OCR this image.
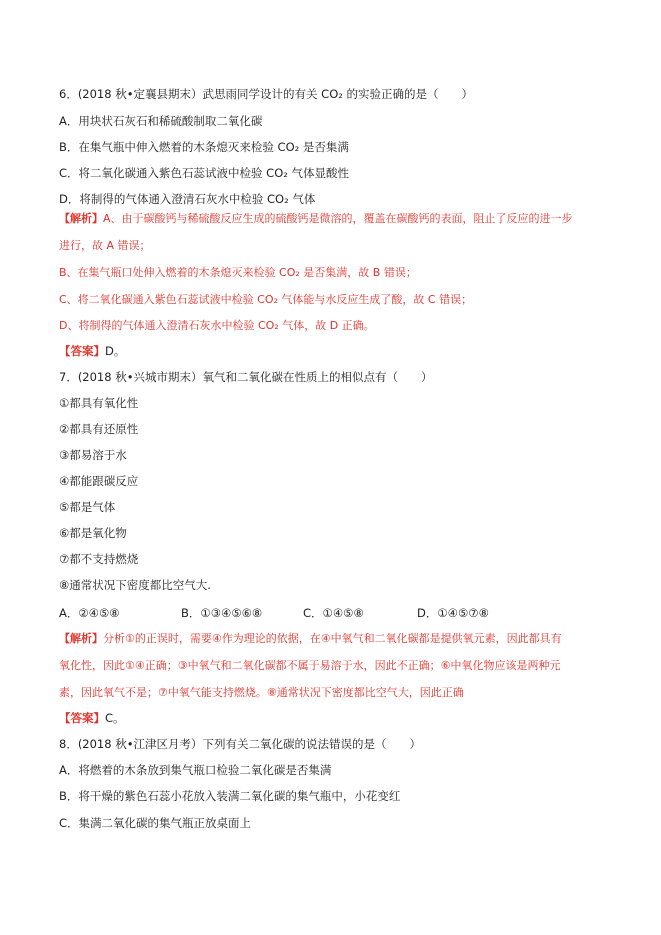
6．(2018 秋•定襄县期末）武思雨同学设计的有关 CO₂ 的实验正确的是（　　）
A．用块状石灰石和稀硫酸制取二氧化碳
B．在集气瓶中伸入燃着的木条熄灭来检验 CO₂ 是否集满
C．将二氧化碳通入紫色石蕊试液中检验 CO₂ 气体显酸性
D．将制得的气体通入澄清石灰水中检验 CO₂ 气体
【解析】A、由于碳酸钙与稀硫酸反应生成的硫酸钙是微溶的，覆盖在碳酸钙的表面，阻止了反应的进一步
进行，故 A 错误；
B、在集气瓶口处伸入燃着的木条熄灭来检验 CO₂ 是否集满，故 B 错误；
C、将二氧化碳通入紫色石蕊试液中检验 CO₂ 气体能与水反应生成了酸，故 C 错误；
D、将制得的气体通入澄清石灰水中检验 CO₂ 气体，故 D 正确。
【答案】D。
7．(2018 秋•兴城市期末）氧气和二氧化碳在性质上的相似点有（　　）
①都具有氧化性
②都具有还原性
③都易溶于水
④都能跟碳反应
⑤都是气体
⑥都是氧化物
⑦都不支持燃烧
⑧通常状况下密度都比空气大.
A．②④⑤⑧	B．①③④⑤⑥⑧	C．①④⑤⑧	D．①④⑤⑦⑧
【解析】分析①的正误时，需要④作为理论的依据，在④中氧气和二氧化碳都是提供氧元素，因此都具有
氧化性，因此①④正确；③中氧气和二氧化碳都不属于易溶于水，因此不正确；⑥中氧化物应该是两种元
素，因此氧气不是；⑦中氧气能支持燃烧。⑧通常状况下密度都比空气大，因此正确
【答案】C。
8．(2018 秋•江津区月考）下列有关二氧化碳的说法错误的是（　　）
A．将燃着的木条放到集气瓶口检验二氧化碳是否集满
B．将干燥的紫色石蕊小花放入装满二氧化碳的集气瓶中，小花变红
C．集满二氧化碳的集气瓶正放桌面上
